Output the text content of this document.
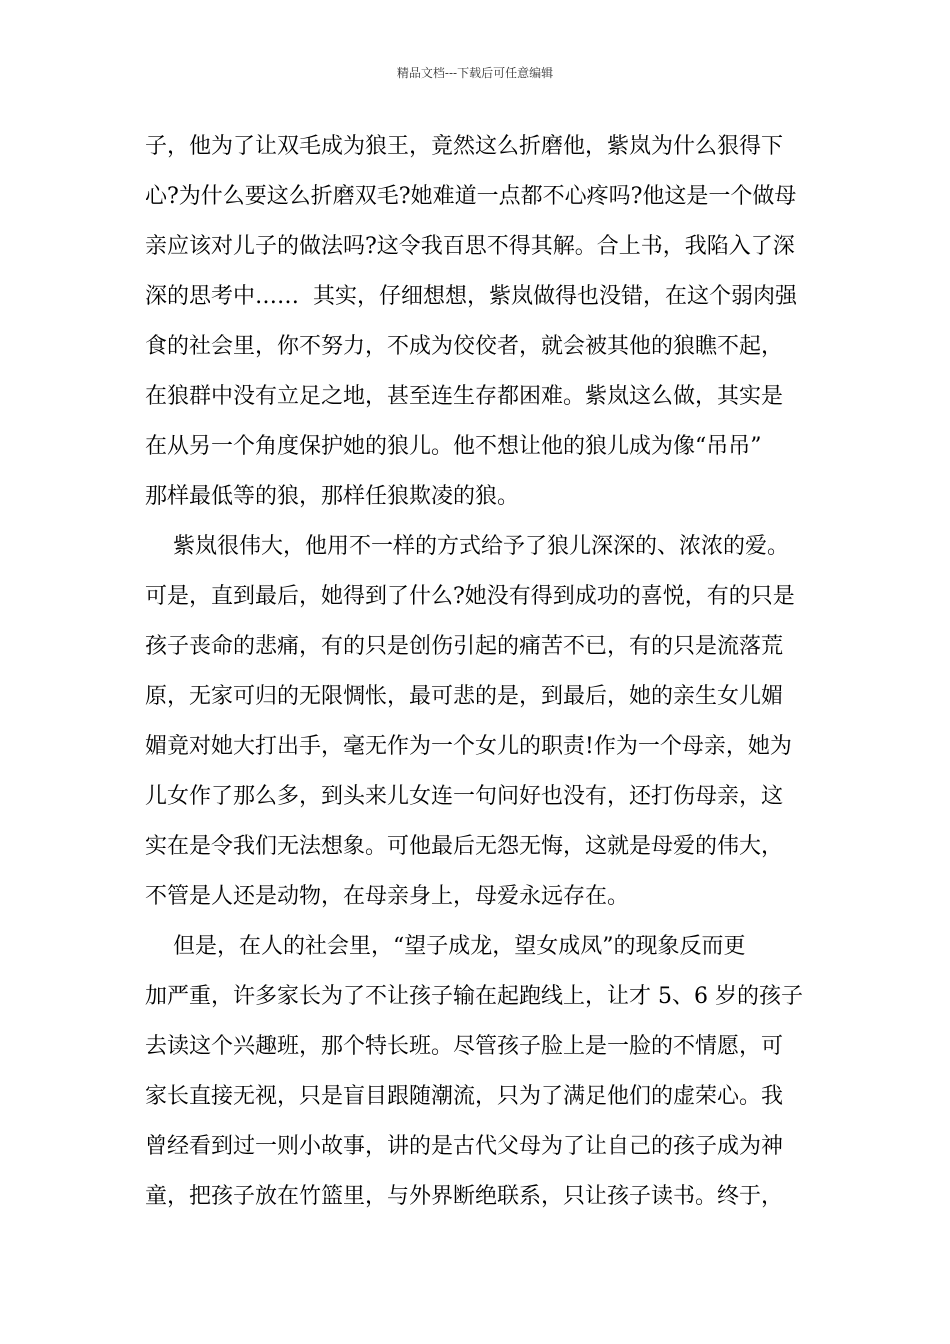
精品文档---下载后可任意编辑
子，他为了让双毛成为狼王，竟然这么折磨他，紫岚为什么狠得下
心?为什么要这么折磨双毛?她难道一点都不心疼吗?他这是一个做母
亲应该对儿子的做法吗?这令我百思不得其解。合上书，我陷入了深
深的思考中……  其实，仔细想想，紫岚做得也没错，在这个弱肉强
食的社会里，你不努力，不成为佼佼者，就会被其他的狼瞧不起，
在狼群中没有立足之地，甚至连生存都困难。紫岚这么做，其实是
在从另一个角度保护她的狼儿。他不想让他的狼儿成为像“吊吊”
那样最低等的狼，那样任狼欺凌的狼。
紫岚很伟大，他用不一样的方式给予了狼儿深深的、浓浓的爱。
可是，直到最后，她得到了什么?她没有得到成功的喜悦，有的只是
孩子丧命的悲痛，有的只是创伤引起的痛苦不已，有的只是流落荒
原，无家可归的无限惆怅，最可悲的是，到最后，她的亲生女儿媚
媚竟对她大打出手，毫无作为一个女儿的职责!作为一个母亲，她为
儿女作了那么多，到头来儿女连一句问好也没有，还打伤母亲，这
实在是令我们无法想象。可他最后无怨无悔，这就是母爱的伟大，
不管是人还是动物，在母亲身上，母爱永远存在。
但是，在人的社会里，“望子成龙，望女成凤”的现象反而更
加严重，许多家长为了不让孩子输在起跑线上，让才 5、6 岁的孩子
去读这个兴趣班，那个特长班。尽管孩子脸上是一脸的不情愿，可
家长直接无视，只是盲目跟随潮流，只为了满足他们的虚荣心。我
曾经看到过一则小故事，讲的是古代父母为了让自己的孩子成为神
童，把孩子放在竹篮里，与外界断绝联系，只让孩子读书。终于，
